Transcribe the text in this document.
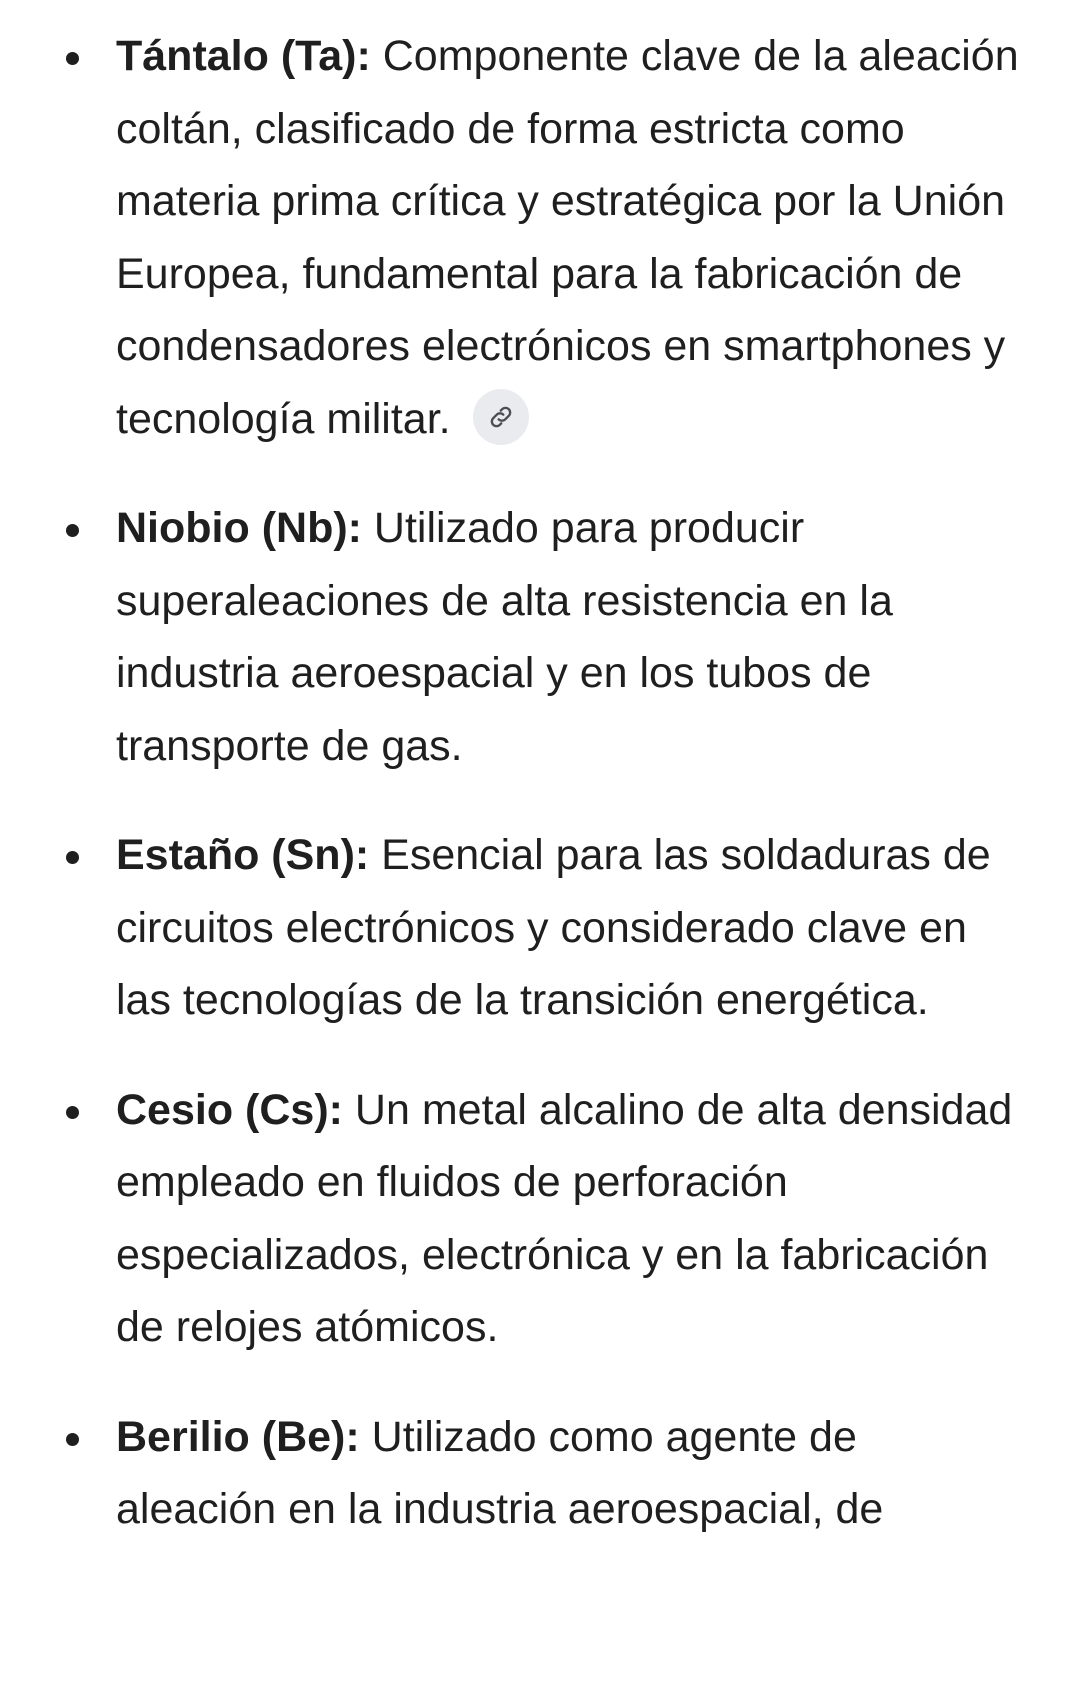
Tántalo (Ta): Componente clave de la aleación coltán, clasificado de forma estricta como materia prima crítica y estratégica por la Unión Europea, fundamental para la fabricación de condensadores electrónicos en smartphones y tecnología militar.
Niobio (Nb): Utilizado para producir superaleaciones de alta resistencia en la industria aeroespacial y en los tubos de transporte de gas.
Estaño (Sn): Esencial para las soldaduras de circuitos electrónicos y considerado clave en las tecnologías de la transición energética.
Cesio (Cs): Un metal alcalino de alta densidad empleado en fluidos de perforación especializados, electrónica y en la fabricación de relojes atómicos.
Berilio (Be): Utilizado como agente de aleación en la industria aeroespacial, de
